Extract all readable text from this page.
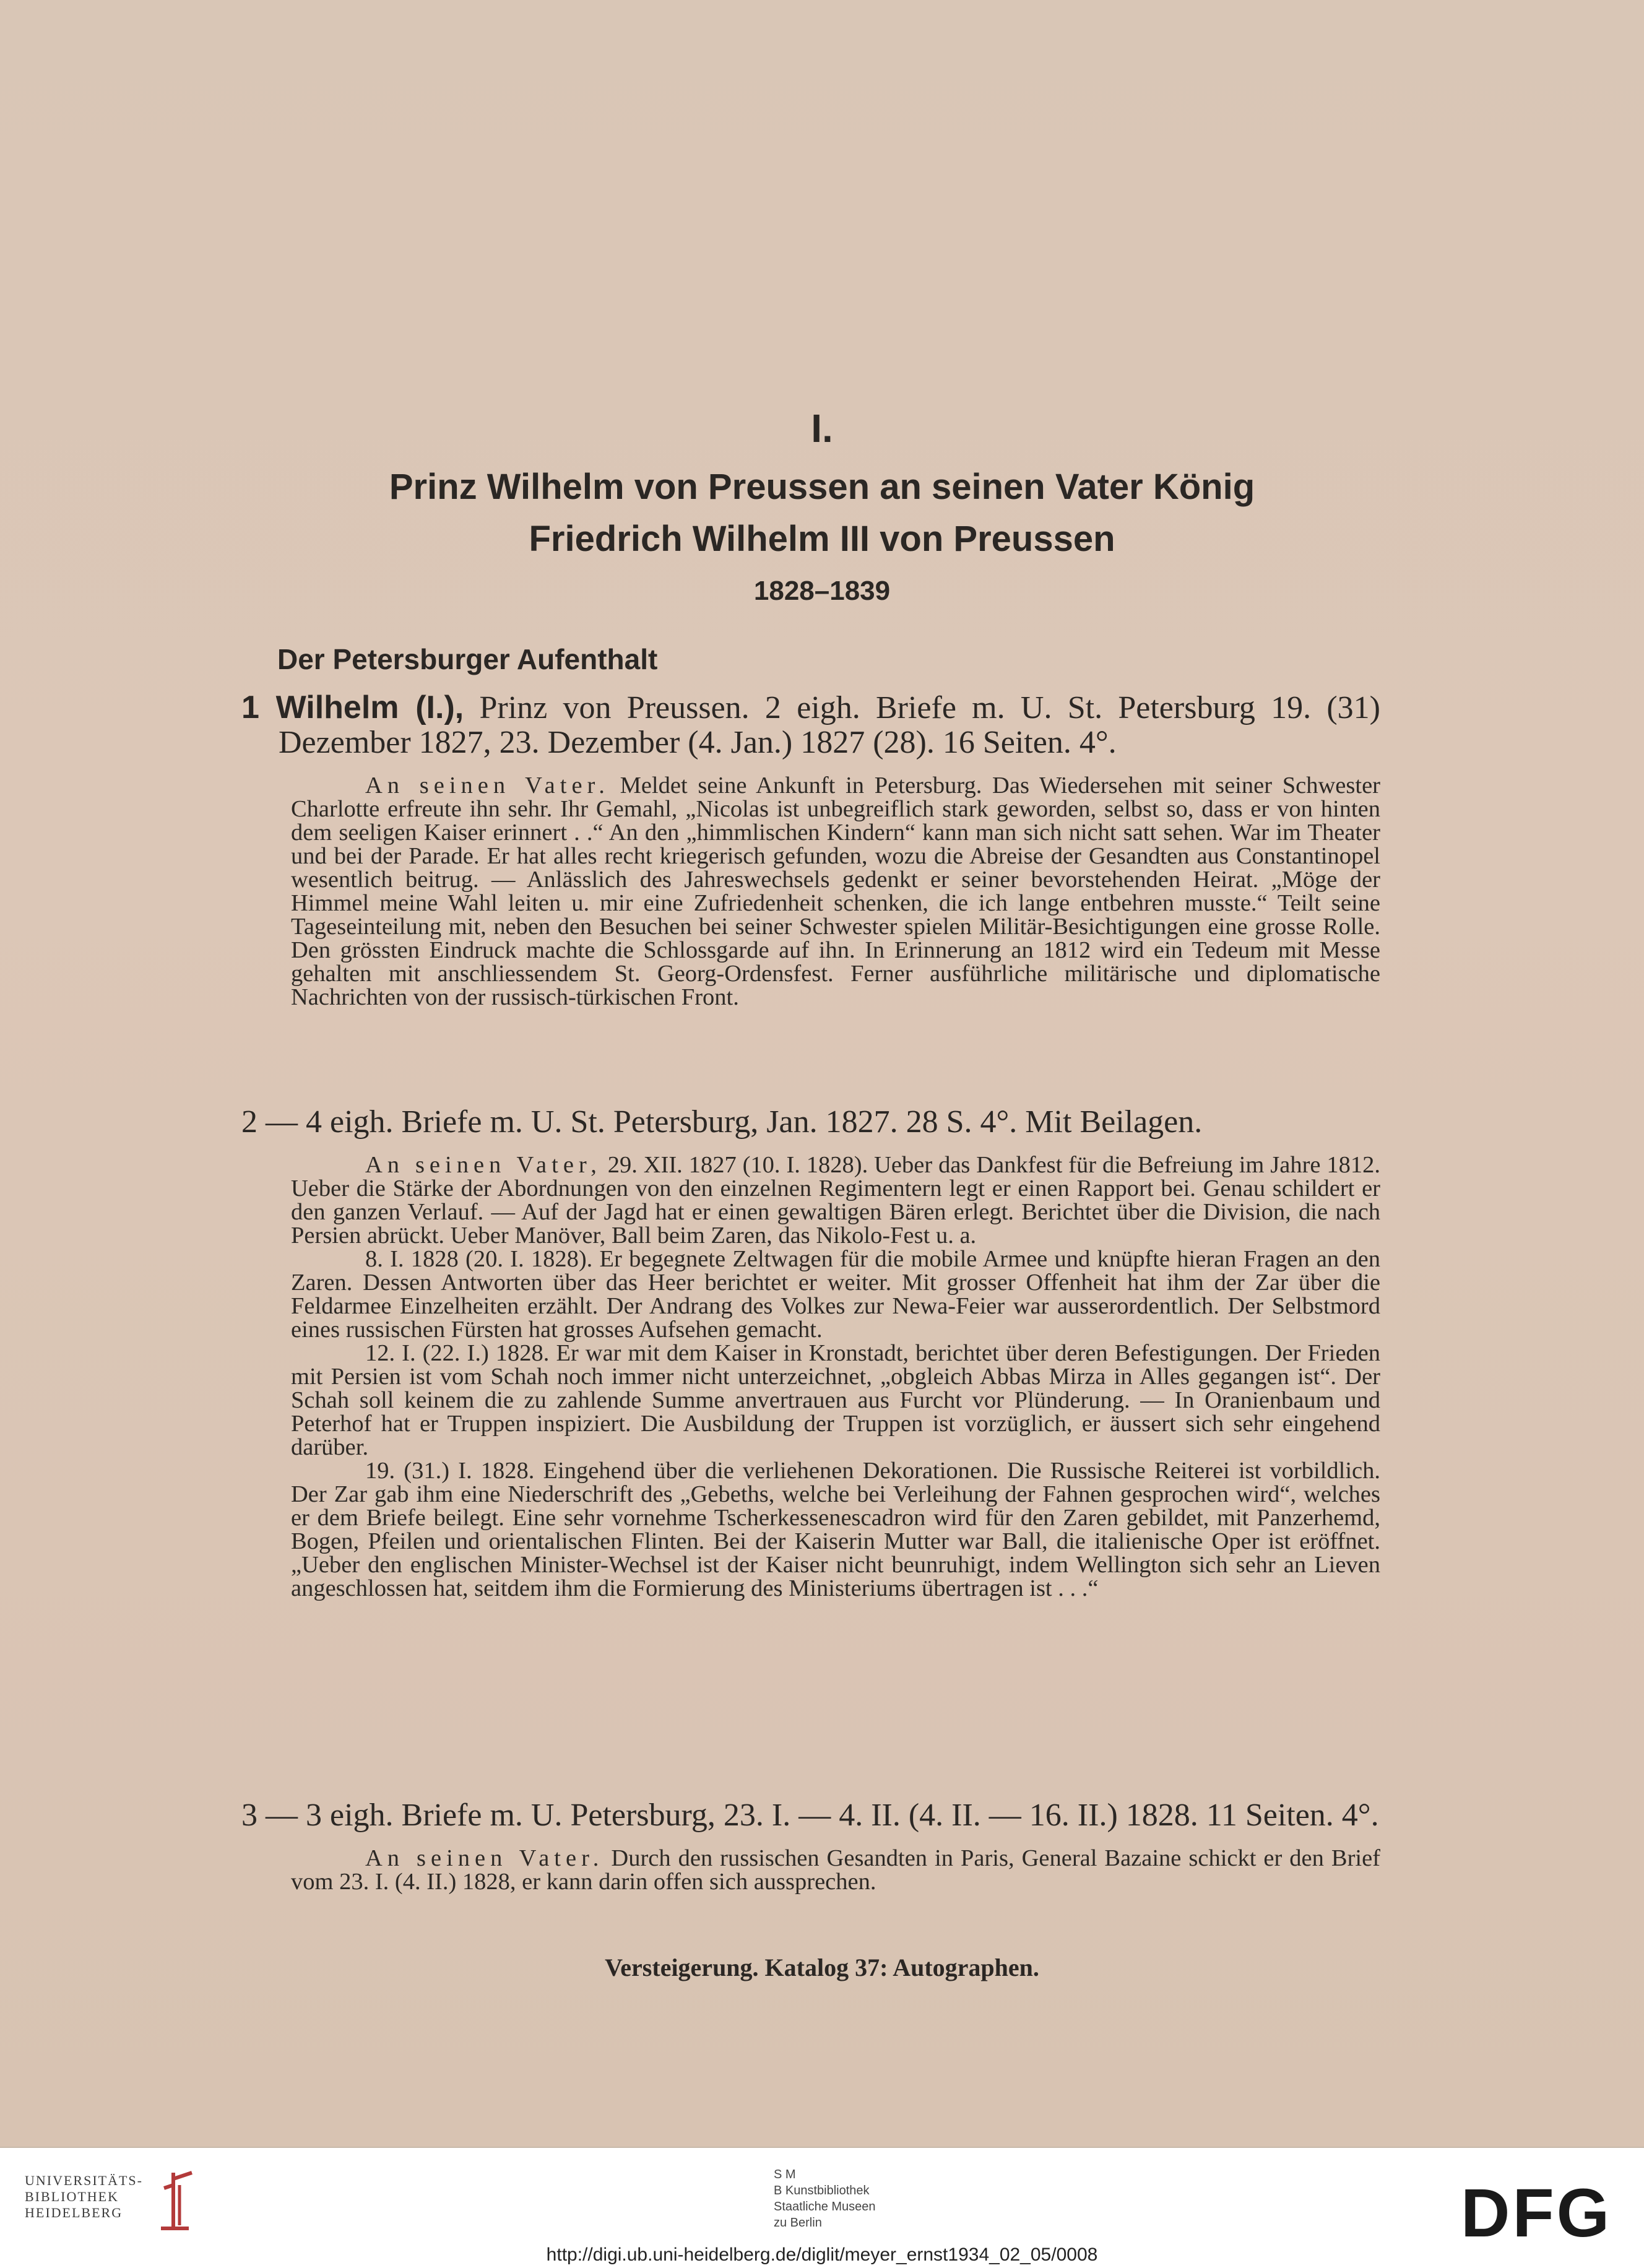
I.
Prinz Wilhelm von Preussen an seinen Vater König
Friedrich Wilhelm III von Preussen
1828–1839
Der Petersburger Aufenthalt
1 Wilhelm (I.), Prinz von Preussen. 2 eigh. Briefe m. U. St. Petersburg 19. (31) Dezember 1827, 23. Dezember (4. Jan.) 1827 (28). 16 Seiten. 4°.

An seinen Vater. Meldet seine Ankunft in Petersburg. Das Wiedersehen mit seiner Schwester Charlotte erfreute ihn sehr. Ihr Gemahl, „Nicolas ist unbegreiflich stark geworden, selbst so, dass er von hinten dem seeligen Kaiser erinnert . .“ An den „himmlischen Kindern“ kann man sich nicht satt sehen. War im Theater und bei der Parade. Er hat alles recht kriegerisch gefunden, wozu die Abreise der Gesandten aus Constantinopel wesentlich beitrug. — Anlässlich des Jahreswechsels gedenkt er seiner bevorstehenden Heirat. „Möge der Himmel meine Wahl leiten u. mir eine Zufriedenheit schenken, die ich lange entbehren musste.“ Teilt seine Tageseinteilung mit, neben den Besuchen bei seiner Schwester spielen Militär-Besichtigungen eine grosse Rolle. Den grössten Eindruck machte die Schlossgarde auf ihn. In Erinnerung an 1812 wird ein Tedeum mit Messe gehalten mit anschliessendem St. Georg-Ordensfest. Ferner ausführliche militärische und diplomatische Nachrichten von der russisch-türkischen Front.

2 — 4 eigh. Briefe m. U. St. Petersburg, Jan. 1827. 28 S. 4°. Mit Beilagen.

An seinen Vater, 29. XII. 1827 (10. I. 1828). Ueber das Dankfest für die Befreiung im Jahre 1812. Ueber die Stärke der Abordnungen von den einzelnen Regimentern legt er einen Rapport bei. Genau schildert er den ganzen Verlauf. — Auf der Jagd hat er einen gewaltigen Bären erlegt. Berichtet über die Division, die nach Persien abrückt. Ueber Manöver, Ball beim Zaren, das Nikolo-Fest u. a.

8. I. 1828 (20. I. 1828). Er begegnete Zeltwagen für die mobile Armee und knüpfte hieran Fragen an den Zaren. Dessen Antworten über das Heer berichtet er weiter. Mit grosser Offenheit hat ihm der Zar über die Feldarmee Einzelheiten erzählt. Der Andrang des Volkes zur Newa-Feier war ausserordentlich. Der Selbstmord eines russischen Fürsten hat grosses Aufsehen gemacht.

12. I. (22. I.) 1828. Er war mit dem Kaiser in Kronstadt, berichtet über deren Befestigungen. Der Frieden mit Persien ist vom Schah noch immer nicht unterzeichnet, „obgleich Abbas Mirza in Alles gegangen ist“. Der Schah soll keinem die zu zahlende Summe anvertrauen aus Furcht vor Plünderung. — In Oranienbaum und Peterhof hat er Truppen inspiziert. Die Ausbildung der Truppen ist vorzüglich, er äussert sich sehr eingehend darüber.

19. (31.) I. 1828. Eingehend über die verliehenen Dekorationen. Die Russische Reiterei ist vorbildlich. Der Zar gab ihm eine Niederschrift des „Gebeths, welche bei Verleihung der Fahnen gesprochen wird“, welches er dem Briefe beilegt. Eine sehr vornehme Tscherkessenescadron wird für den Zaren gebildet, mit Panzerhemd, Bogen, Pfeilen und orientalischen Flinten. Bei der Kaiserin Mutter war Ball, die italienische Oper ist eröffnet. „Ueber den englischen Minister-Wechsel ist der Kaiser nicht beunruhigt, indem Wellington sich sehr an Lieven angeschlossen hat, seitdem ihm die Formierung des Ministeriums übertragen ist . . .“

3 — 3 eigh. Briefe m. U. Petersburg, 23. I. — 4. II. (4. II. — 16. II.) 1828. 11 Seiten. 4°.

An seinen Vater. Durch den russischen Gesandten in Paris, General Bazaine schickt er den Brief vom 23. I. (4. II.) 1828, er kann darin offen sich aussprechen.

Versteigerung. Katalog 37: Autographen.
UNIVERSITÄTS-
BIBLIOTHEK
HEIDELBERG
S M
B Kunstbibliothek
Staatliche Museen
zu Berlin	DFG
http://digi.ub.uni-heidelberg.de/diglit/meyer_ernst1934_02_05/0008
